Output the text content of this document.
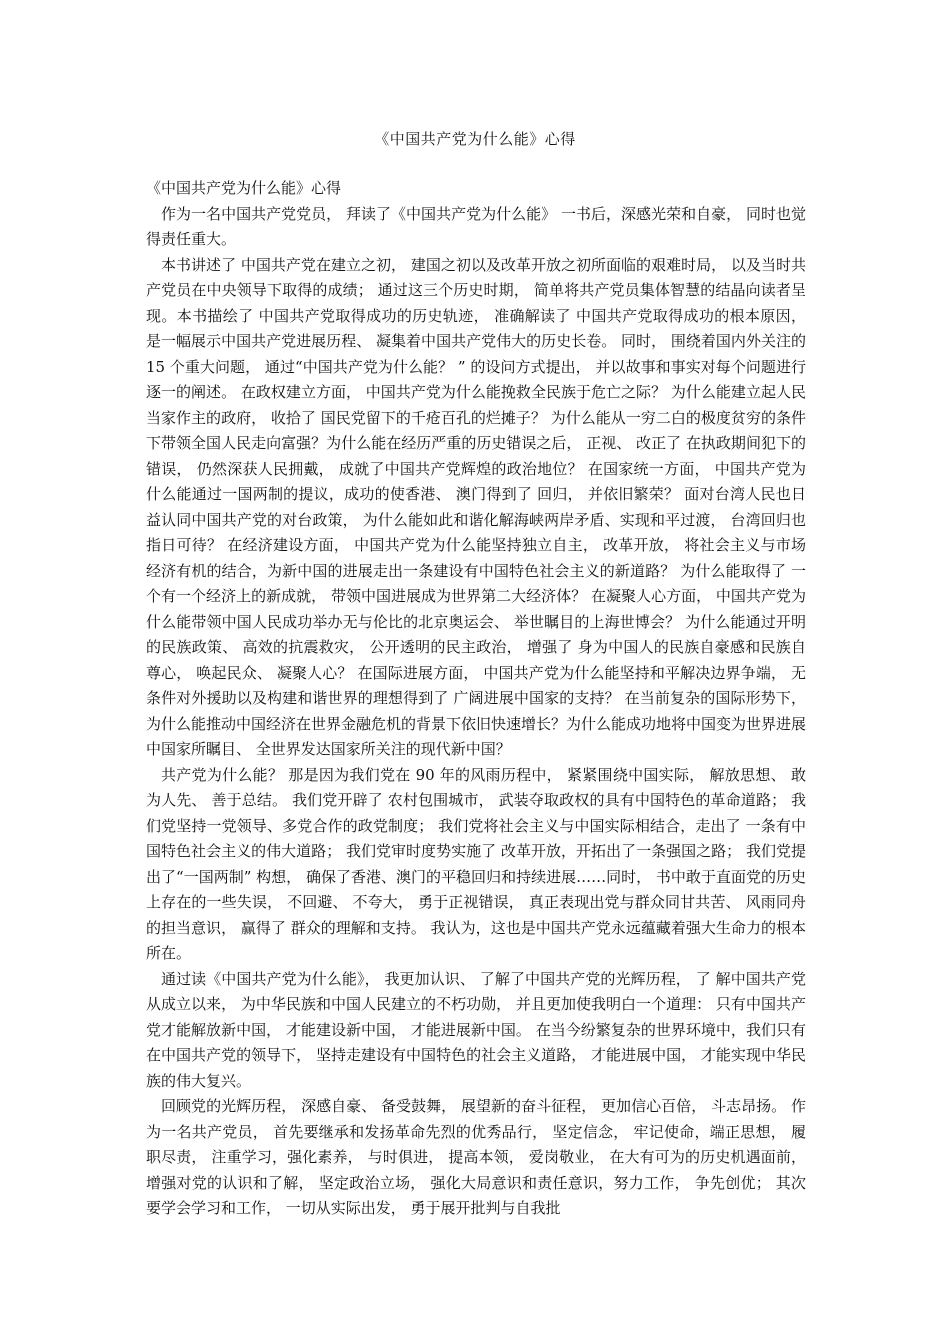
《中国共产党为什么能》心得

《中国共产党为什么能》心得

作为一名中国共产党党员， 拜读了《中国共产党为什么能》 一书后，深感光荣和自豪， 同时也觉得责任重大。

本书讲述了 中国共产党在建立之初， 建国之初以及改革开放之初所面临的艰难时局， 以及当时共产党员在中央领导下取得的成绩； 通过这三个历史时期， 简单将共产党员集体智慧的结晶向读者呈现。本书描绘了 中国共产党取得成功的历史轨迹， 准确解读了 中国共产党取得成功的根本原因， 是一幅展示中国共产党进展历程、 凝集着中国共产党伟大的历史长卷。 同时， 围绕着国内外关注的 15 个重大问题， 通过“中国共产党为什么能？ ” 的设问方式提出， 并以故事和事实对每个问题进行逐一的阐述。 在政权建立方面， 中国共产党为什么能挽救全民族于危亡之际？ 为什么能建立起人民当家作主的政府， 收拾了 国民党留下的千疮百孔的烂摊子？ 为什么能从一穷二白的极度贫穷的条件下带领全国人民走向富强？为什么能在经历严重的历史错误之后， 正视、 改正了 在执政期间犯下的错误， 仍然深获人民拥戴， 成就了中国共产党辉煌的政治地位？ 在国家统一方面， 中国共产党为什么能通过一国两制的提议，成功的使香港、 澳门得到了 回归， 并依旧繁荣？ 面对台湾人民也日益认同中国共产党的对台政策， 为什么能如此和谐化解海峡两岸矛盾、实现和平过渡， 台湾回归也指日可待？ 在经济建设方面， 中国共产党为什么能坚持独立自主， 改革开放， 将社会主义与市场经济有机的结合，为新中国的进展走出一条建设有中国特色社会主义的新道路？ 为什么能取得了 一个有一个经济上的新成就， 带领中国进展成为世界第二大经济体？ 在凝聚人心方面， 中国共产党为什么能带领中国人民成功举办无与伦比的北京奥运会、 举世瞩目的上海世博会？ 为什么能通过开明的民族政策、 高效的抗震救灾， 公开透明的民主政治， 增强了 身为中国人的民族自豪感和民族自尊心， 唤起民众、 凝聚人心？ 在国际进展方面， 中国共产党为什么能坚持和平解决边界争端， 无条件对外援助以及构建和谐世界的理想得到了 广阔进展中国家的支持？ 在当前复杂的国际形势下，为什么能推动中国经济在世界金融危机的背景下依旧快速增长？为什么能成功地将中国变为世界进展中国家所瞩目、 全世界发达国家所关注的现代新中国？

共产党为什么能？ 那是因为我们党在 90 年的风雨历程中， 紧紧围绕中国实际， 解放思想、 敢为人先、 善于总结。 我们党开辟了 农村包围城市， 武装夺取政权的具有中国特色的革命道路； 我们党坚持一党领导、多党合作的政党制度； 我们党将社会主义与中国实际相结合，走出了 一条有中国特色社会主义的伟大道路； 我们党审时度势实施了 改革开放，开拓出了一条强国之路； 我们党提出了“一国两制” 构想， 确保了香港、澳门的平稳回归和持续进展……同时， 书中敢于直面党的历史上存在的一些失误， 不回避、 不夸大， 勇于正视错误， 真正表现出党与群众同甘共苦、 风雨同舟的担当意识， 赢得了 群众的理解和支持。 我认为，这也是中国共产党永远蕴藏着强大生命力的根本所在。

通过读《中国共产党为什么能》， 我更加认识、 了解了中国共产党的光辉历程， 了 解中国共产党从成立以来， 为中华民族和中国人民建立的不朽功勋， 并且更加使我明白一个道理： 只有中国共产党才能解放新中国， 才能建设新中国， 才能进展新中国。 在当今纷繁复杂的世界环境中，我们只有在中国共产党的领导下， 坚持走建设有中国特色的社会主义道路， 才能进展中国， 才能实现中华民族的伟大复兴。

回顾党的光辉历程， 深感自豪、 备受鼓舞， 展望新的奋斗征程， 更加信心百倍， 斗志昂扬。 作为一名共产党员， 首先要继承和发扬革命先烈的优秀品行， 坚定信念， 牢记使命，端正思想， 履职尽责， 注重学习，强化素养， 与时俱进， 提高本领， 爱岗敬业， 在大有可为的历史机遇面前， 增强对党的认识和了解， 坚定政治立场， 强化大局意识和责任意识，努力工作， 争先创优； 其次要学会学习和工作， 一切从实际出发， 勇于展开批判与自我批
